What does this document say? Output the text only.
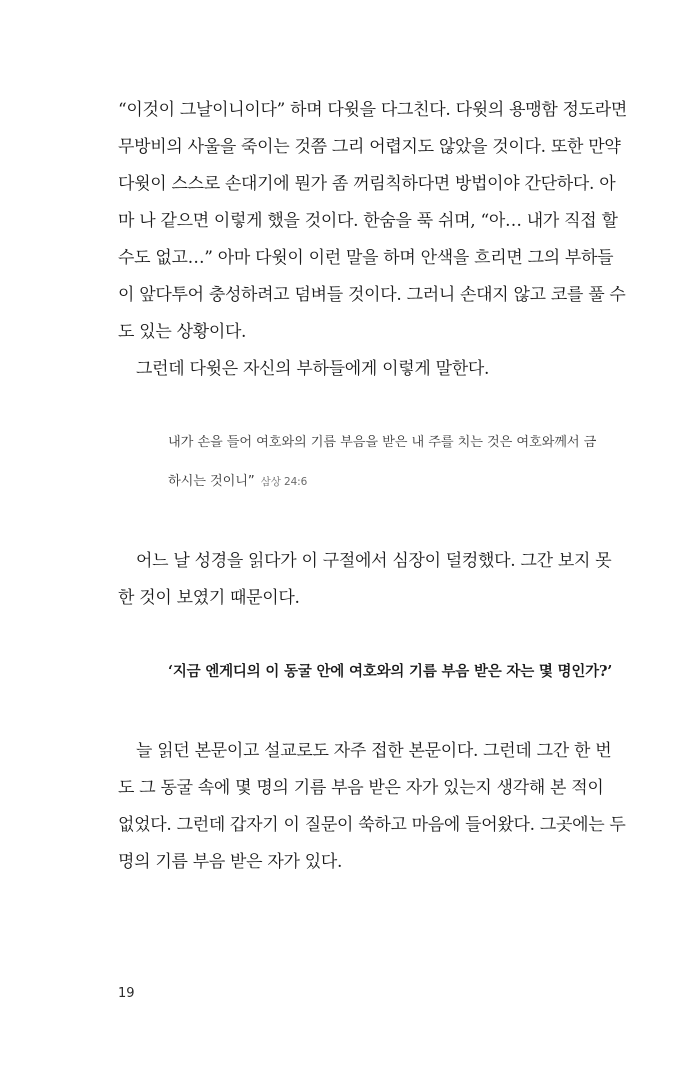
“이것이 그날이니이다” 하며 다윗을 다그친다. 다윗의 용맹함 정도라면
무방비의 사울을 죽이는 것쯤 그리 어렵지도 않았을 것이다. 또한 만약
다윗이 스스로 손대기에 뭔가 좀 꺼림칙하다면 방법이야 간단하다. 아
마 나 같으면 이렇게 했을 것이다. 한숨을 푹 쉬며, “아… 내가 직접 할
수도 없고…” 아마 다윗이 이런 말을 하며 안색을 흐리면 그의 부하들
이 앞다투어 충성하려고 덤벼들 것이다. 그러니 손대지 않고 코를 풀 수
도 있는 상황이다.
그런데 다윗은 자신의 부하들에게 이렇게 말한다.
내가 손을 들어 여호와의 기름 부음을 받은 내 주를 치는 것은 여호와께서 금
하시는 것이니” 삼상 24:6
어느 날 성경을 읽다가 이 구절에서 심장이 덜컹했다. 그간 보지 못
한 것이 보였기 때문이다.
‘지금 엔게디의 이 동굴 안에 여호와의 기름 부음 받은 자는 몇 명인가?’
늘 읽던 본문이고 설교로도 자주 접한 본문이다. 그런데 그간 한 번
도 그 동굴 속에 몇 명의 기름 부음 받은 자가 있는지 생각해 본 적이
없었다. 그런데 갑자기 이 질문이 쑥하고 마음에 들어왔다. 그곳에는 두
명의 기름 부음 받은 자가 있다.
19
